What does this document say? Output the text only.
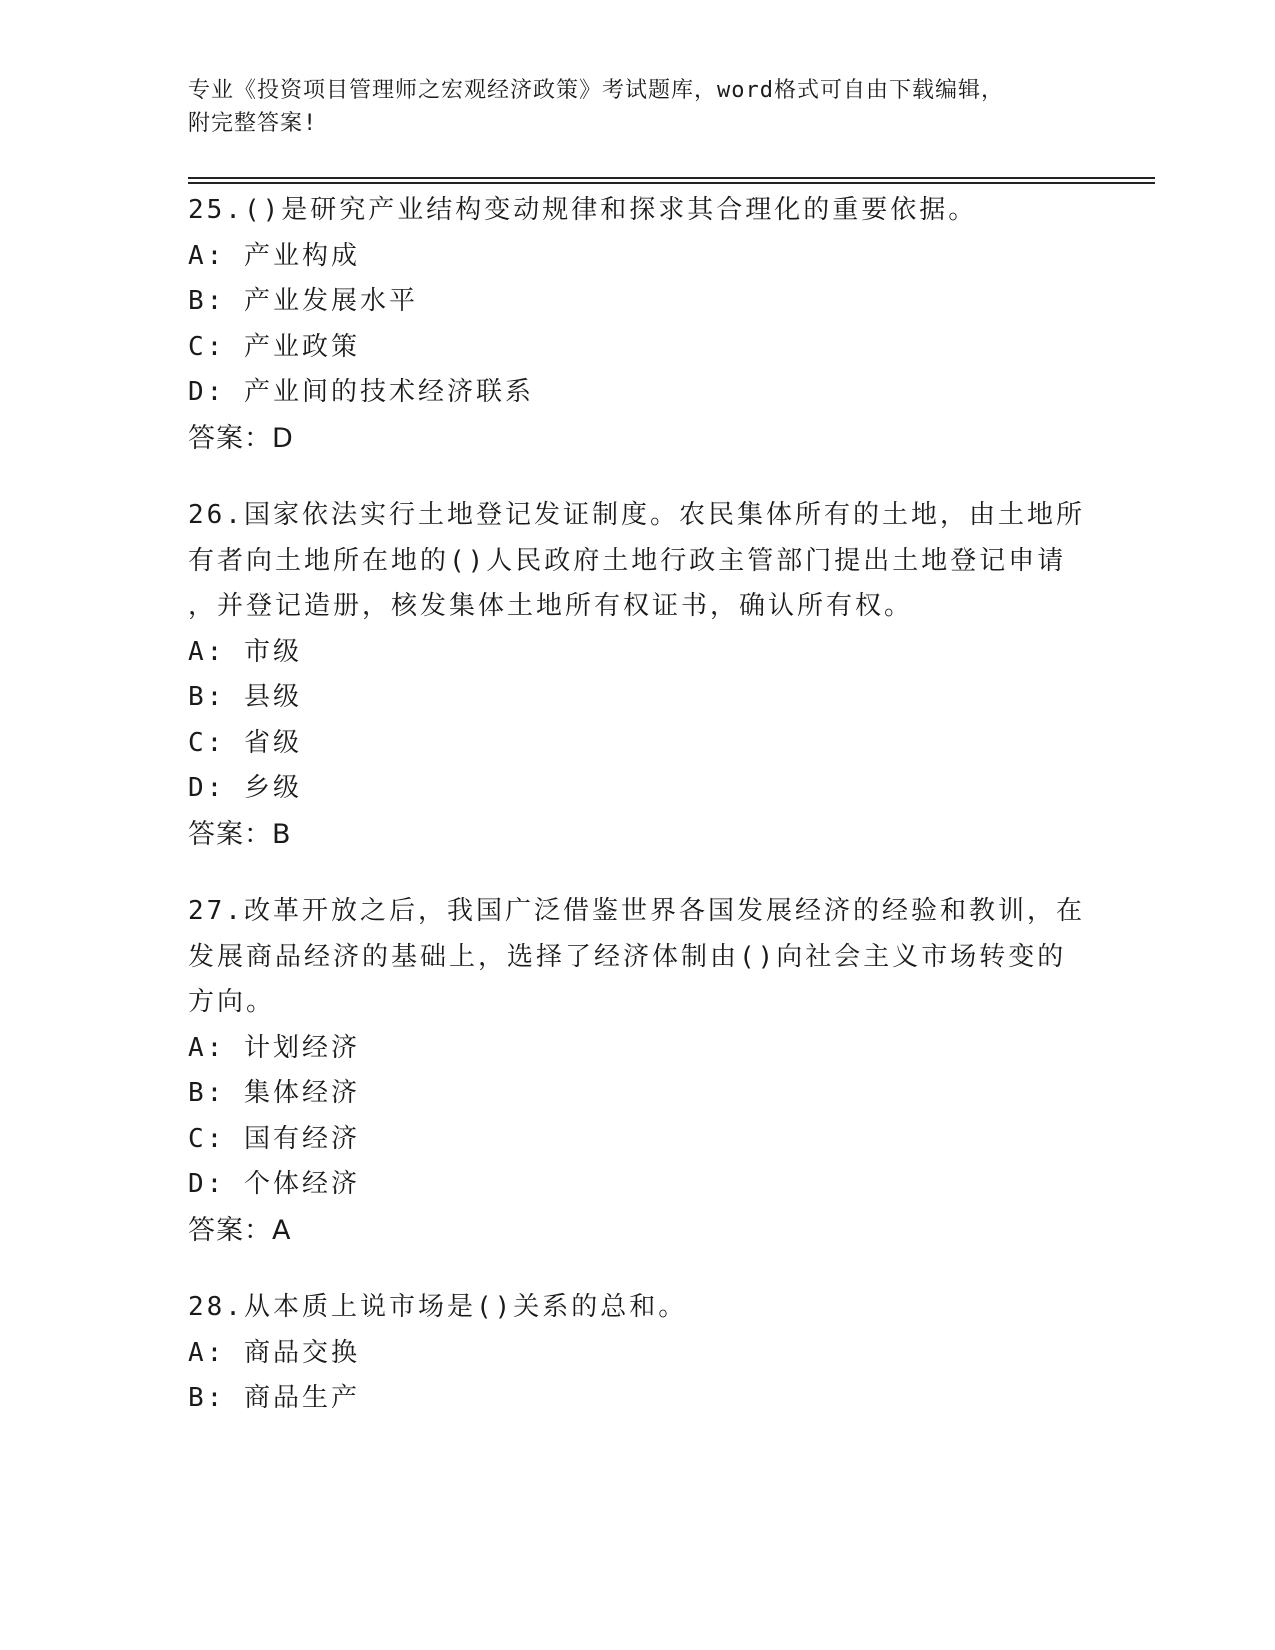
专业《投资项目管理师之宏观经济政策》考试题库，word格式可自由下载编辑，
附完整答案!
25.()是研究产业结构变动规律和探求其合理化的重要依据。
A: 产业构成
B: 产业发展水平
C: 产业政策
D: 产业间的技术经济联系
答案：D
26.国家依法实行土地登记发证制度。农民集体所有的土地，由土地所
有者向土地所在地的()人民政府土地行政主管部门提出土地登记申请
，并登记造册，核发集体土地所有权证书，确认所有权。
A: 市级
B: 县级
C: 省级
D: 乡级
答案：B
27.改革开放之后，我国广泛借鉴世界各国发展经济的经验和教训，在
发展商品经济的基础上，选择了经济体制由()向社会主义市场转变的
方向。
A: 计划经济
B: 集体经济
C: 国有经济
D: 个体经济
答案：A
28.从本质上说市场是()关系的总和。
A: 商品交换
B: 商品生产
